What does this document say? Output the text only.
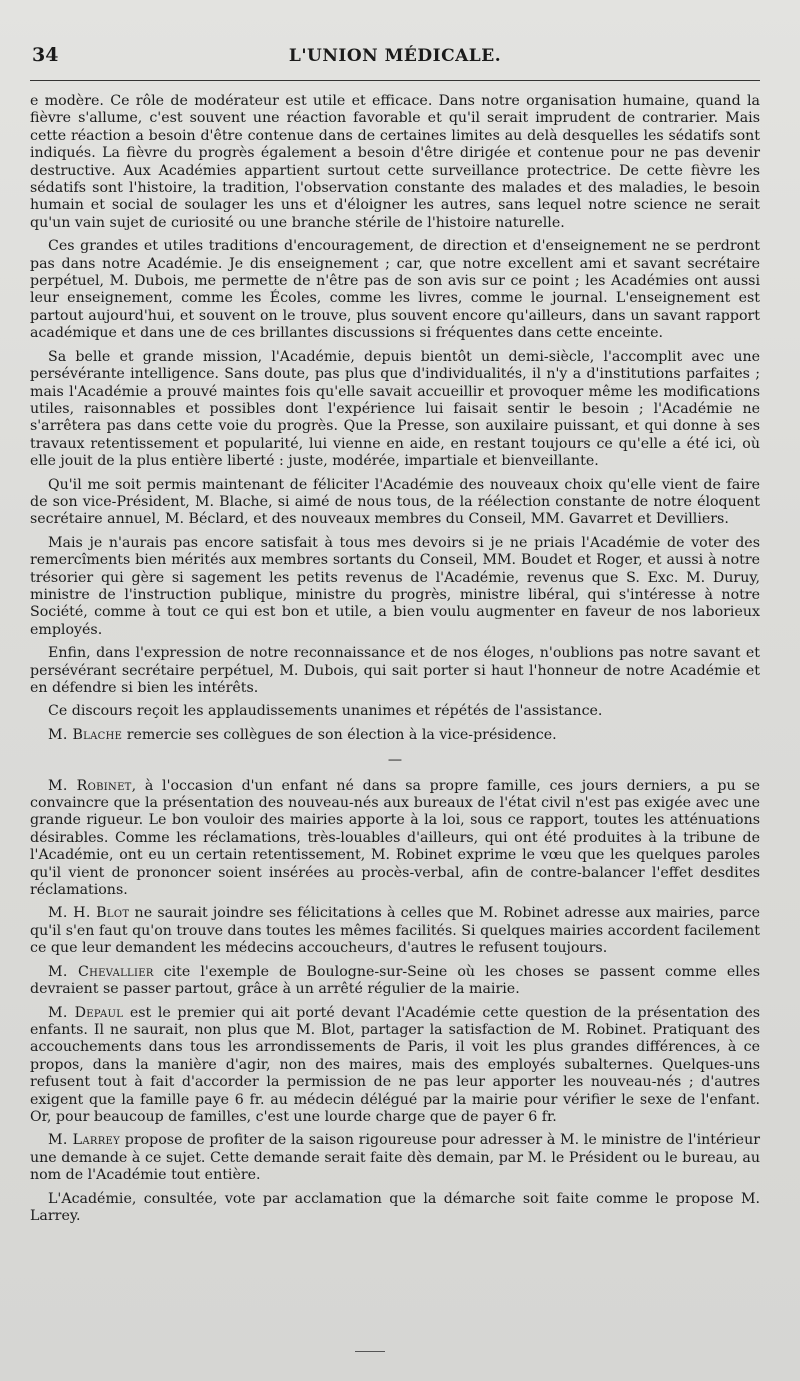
34	L'UNION MÉDICALE.

e modère. Ce rôle de modérateur est utile et efficace. Dans notre organisation humaine, quand la fièvre s'allume, c'est souvent une réaction favorable et qu'il serait imprudent de contrarier. Mais cette réaction a besoin d'être contenue dans de certaines limites au delà desquelles les sédatifs sont indiqués. La fièvre du progrès également a besoin d'être dirigée et contenue pour ne pas devenir destructive. Aux Académies appartient surtout cette surveillance protectrice. De cette fièvre les sédatifs sont l'histoire, la tradition, l'observation constante des malades et des maladies, le besoin humain et social de soulager les uns et d'éloigner les autres, sans lequel notre science ne serait qu'un vain sujet de curiosité ou une branche stérile de l'histoire naturelle.

Ces grandes et utiles traditions d'encouragement, de direction et d'enseignement ne se perdront pas dans notre Académie. Je dis enseignement ; car, que notre excellent ami et savant secrétaire perpétuel, M. Dubois, me permette de n'être pas de son avis sur ce point ; les Académies ont aussi leur enseignement, comme les Écoles, comme les livres, comme le journal. L'enseignement est partout aujourd'hui, et souvent on le trouve, plus souvent encore qu'ailleurs, dans un savant rapport académique et dans une de ces brillantes discussions si fréquentes dans cette enceinte.

Sa belle et grande mission, l'Académie, depuis bientôt un demi-siècle, l'accomplit avec une persévérante intelligence. Sans doute, pas plus que d'individualités, il n'y a d'institutions parfaites ; mais l'Académie a prouvé maintes fois qu'elle savait accueillir et provoquer même les modifications utiles, raisonnables et possibles dont l'expérience lui faisait sentir le besoin ; l'Académie ne s'arrêtera pas dans cette voie du progrès. Que la Presse, son auxilaire puissant, et qui donne à ses travaux retentissement et popularité, lui vienne en aide, en restant toujours ce qu'elle a été ici, où elle jouit de la plus entière liberté : juste, modérée, impartiale et bienveillante.

Qu'il me soit permis maintenant de féliciter l'Académie des nouveaux choix qu'elle vient de faire de son vice-Président, M. Blache, si aimé de nous tous, de la réélection constante de notre éloquent secrétaire annuel, M. Béclard, et des nouveaux membres du Conseil, MM. Gavarret et Devilliers.

Mais je n'aurais pas encore satisfait à tous mes devoirs si je ne priais l'Académie de voter des remercîments bien mérités aux membres sortants du Conseil, MM. Boudet et Roger, et aussi à notre trésorier qui gère si sagement les petits revenus de l'Académie, revenus que S. Exc. M. Duruy, ministre de l'instruction publique, ministre du progrès, ministre libéral, qui s'intéresse à notre Société, comme à tout ce qui est bon et utile, a bien voulu augmenter en faveur de nos laborieux employés.

Enfin, dans l'expression de notre reconnaissance et de nos éloges, n'oublions pas notre savant et persévérant secrétaire perpétuel, M. Dubois, qui sait porter si haut l'honneur de notre Académie et en défendre si bien les intérêts.

Ce discours reçoit les applaudissements unanimes et répétés de l'assistance.

M. Blache remercie ses collègues de son élection à la vice-présidence.

—

M. Robinet, à l'occasion d'un enfant né dans sa propre famille, ces jours derniers, a pu se convaincre que la présentation des nouveau-nés aux bureaux de l'état civil n'est pas exigée avec une grande rigueur. Le bon vouloir des mairies apporte à la loi, sous ce rapport, toutes les atténuations désirables. Comme les réclamations, très-louables d'ailleurs, qui ont été produites à la tribune de l'Académie, ont eu un certain retentissement, M. Robinet exprime le vœu que les quelques paroles qu'il vient de prononcer soient insérées au procès-verbal, afin de contre-balancer l'effet desdites réclamations.

M. H. Blot ne saurait joindre ses félicitations à celles que M. Robinet adresse aux mairies, parce qu'il s'en faut qu'on trouve dans toutes les mêmes facilités. Si quelques mairies accordent facilement ce que leur demandent les médecins accoucheurs, d'autres le refusent toujours.

M. Chevallier cite l'exemple de Boulogne-sur-Seine où les choses se passent comme elles devraient se passer partout, grâce à un arrêté régulier de la mairie.

M. Depaul est le premier qui ait porté devant l'Académie cette question de la présentation des enfants. Il ne saurait, non plus que M. Blot, partager la satisfaction de M. Robinet. Pratiquant des accouchements dans tous les arrondissements de Paris, il voit les plus grandes différences, à ce propos, dans la manière d'agir, non des maires, mais des employés subalternes. Quelques-uns refusent tout à fait d'accorder la permission de ne pas leur apporter les nouveau-nés ; d'autres exigent que la famille paye 6 fr. au médecin délégué par la mairie pour vérifier le sexe de l'enfant. Or, pour beaucoup de familles, c'est une lourde charge que de payer 6 fr.

M. Larrey propose de profiter de la saison rigoureuse pour adresser à M. le ministre de l'intérieur une demande à ce sujet. Cette demande serait faite dès demain, par M. le Président ou le bureau, au nom de l'Académie tout entière.

L'Académie, consultée, vote par acclamation que la démarche soit faite comme le propose M. Larrey.
